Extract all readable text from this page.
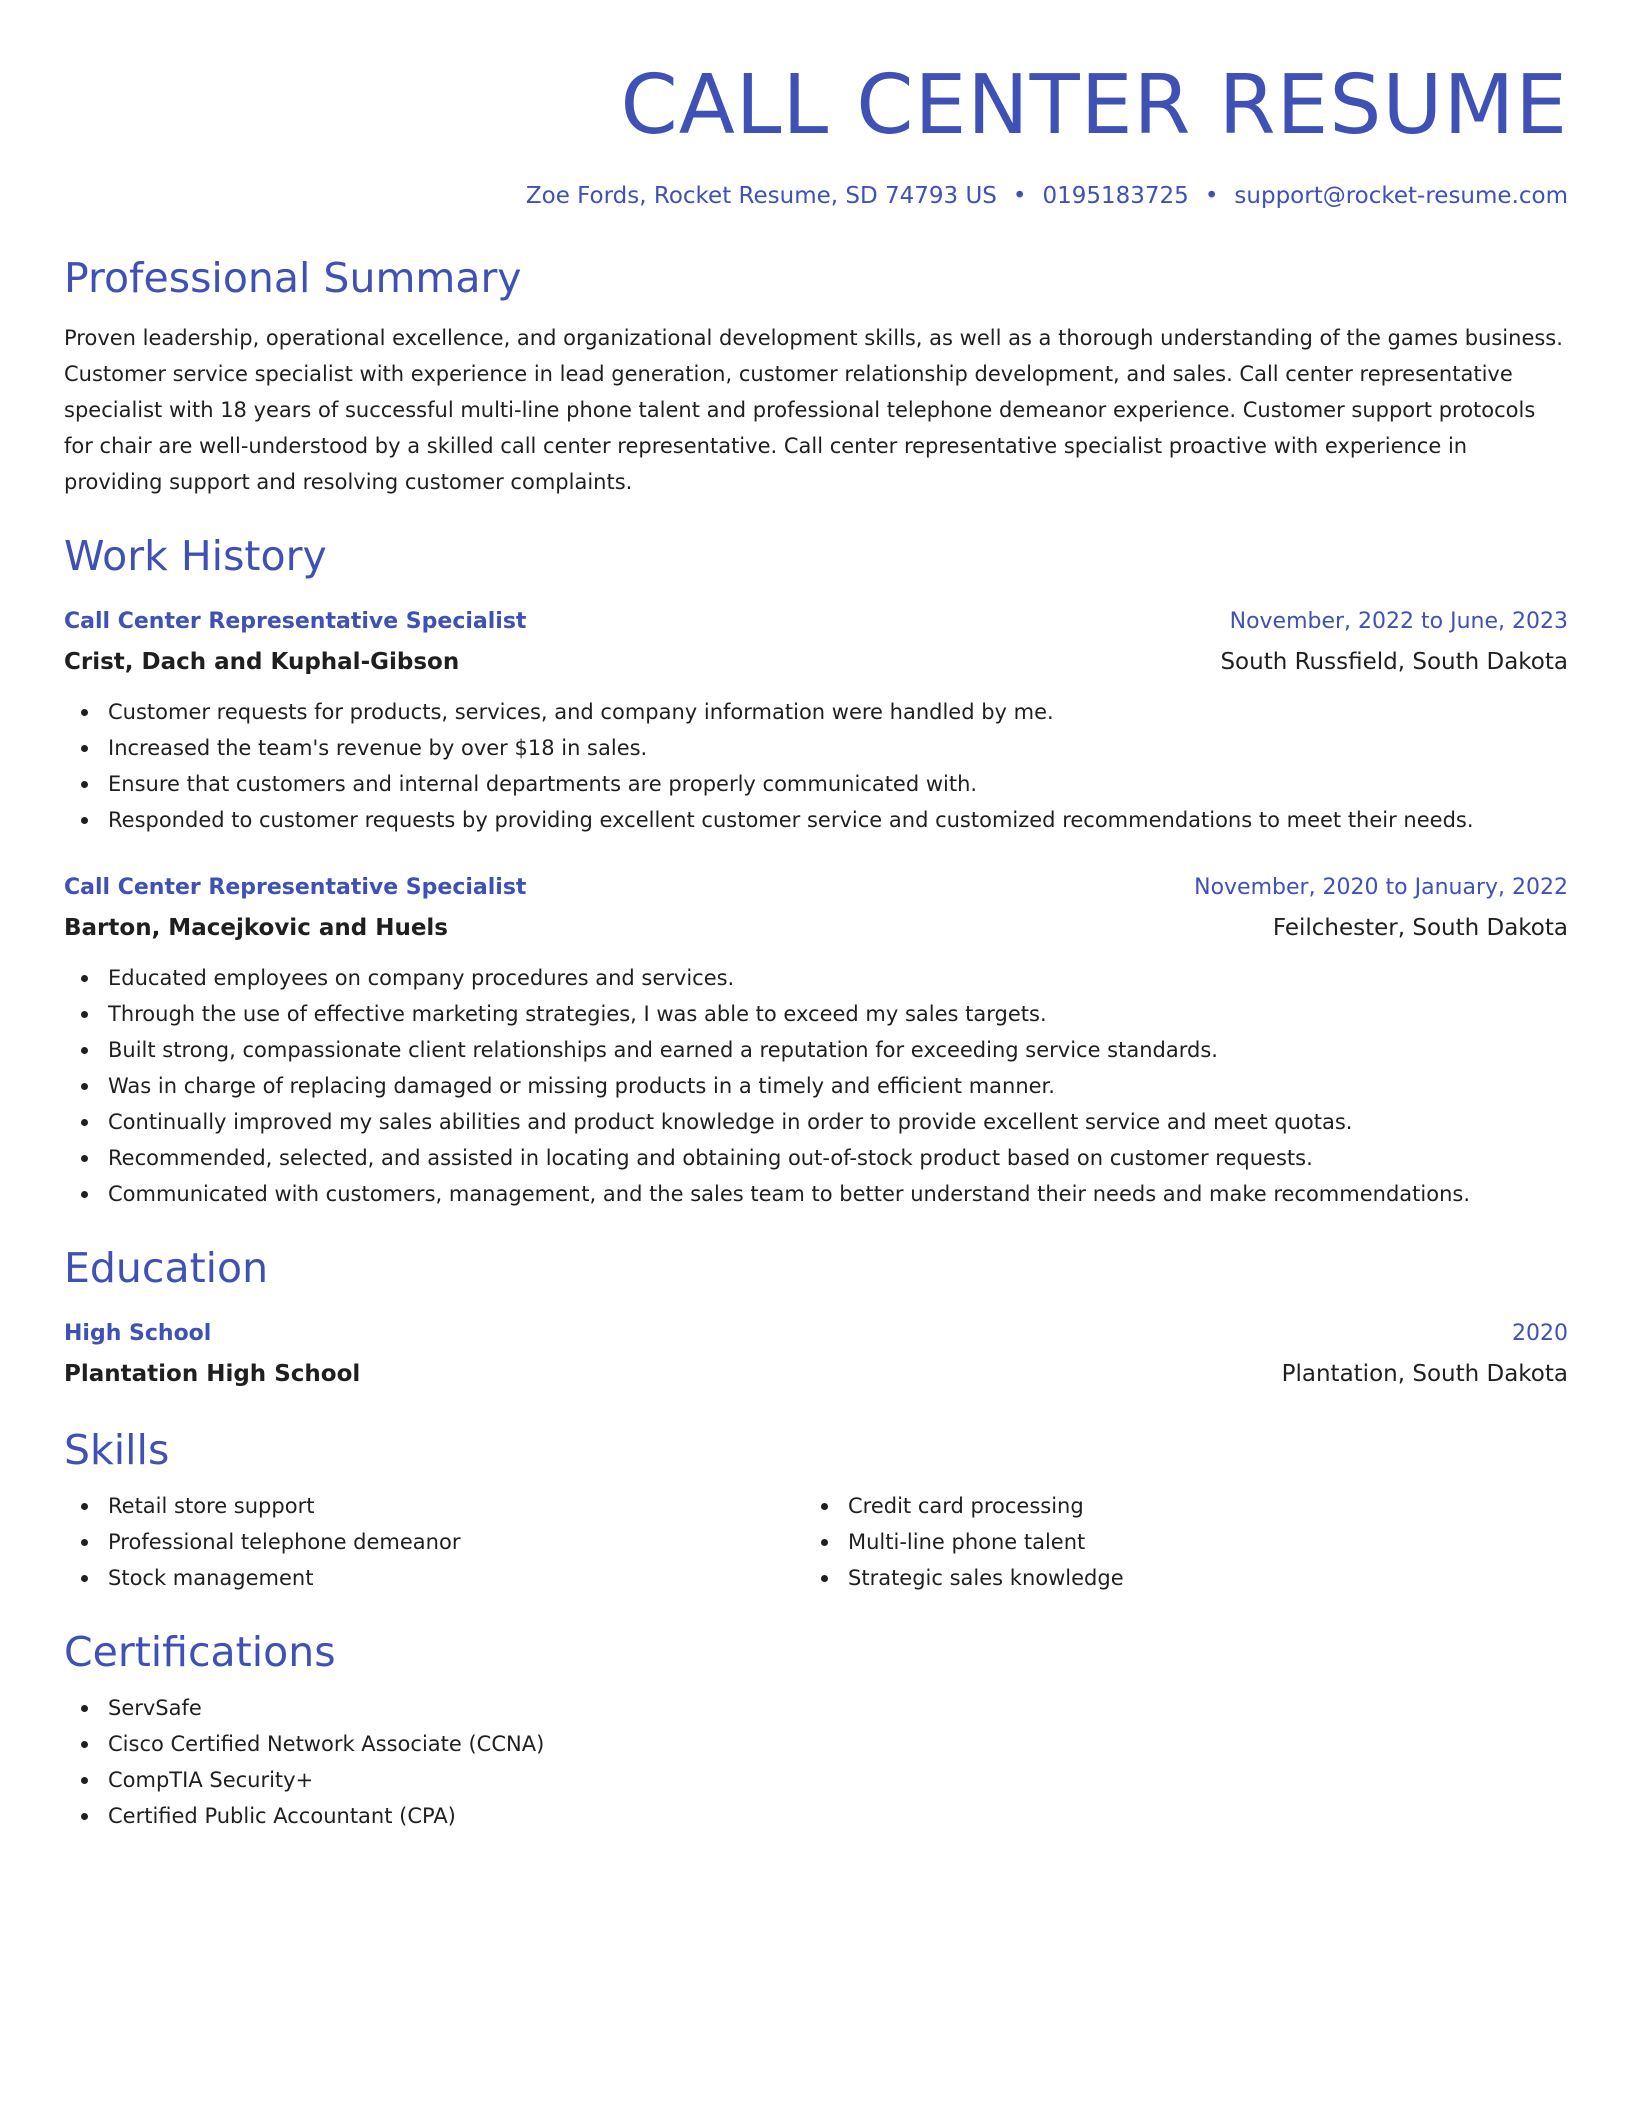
CALL CENTER RESUME
Zoe Fords, Rocket Resume, SD 74793 US • 0195183725 • support@rocket-resume.com
Professional Summary
Proven leadership, operational excellence, and organizational development skills, as well as a thorough understanding of the games business.
Customer service specialist with experience in lead generation, customer relationship development, and sales. Call center representative
specialist with 18 years of successful multi-line phone talent and professional telephone demeanor experience. Customer support protocols
for chair are well-understood by a skilled call center representative. Call center representative specialist proactive with experience in
providing support and resolving customer complaints.
Work History
Call Center Representative Specialist	November, 2022 to June, 2023
Crist, Dach and Kuphal-Gibson	South Russfield, South Dakota
Customer requests for products, services, and company information were handled by me.
Increased the team's revenue by over $18 in sales.
Ensure that customers and internal departments are properly communicated with.
Responded to customer requests by providing excellent customer service and customized recommendations to meet their needs.
Call Center Representative Specialist	November, 2020 to January, 2022
Barton, Macejkovic and Huels	Feilchester, South Dakota
Educated employees on company procedures and services.
Through the use of effective marketing strategies, I was able to exceed my sales targets.
Built strong, compassionate client relationships and earned a reputation for exceeding service standards.
Was in charge of replacing damaged or missing products in a timely and efficient manner.
Continually improved my sales abilities and product knowledge in order to provide excellent service and meet quotas.
Recommended, selected, and assisted in locating and obtaining out-of-stock product based on customer requests.
Communicated with customers, management, and the sales team to better understand their needs and make recommendations.
Education
High School	2020
Plantation High School	Plantation, South Dakota
Skills
Retail store support
Professional telephone demeanor
Stock management
Credit card processing
Multi-line phone talent
Strategic sales knowledge
Certifications
ServSafe
Cisco Certified Network Associate (CCNA)
CompTIA Security+
Certified Public Accountant (CPA)
